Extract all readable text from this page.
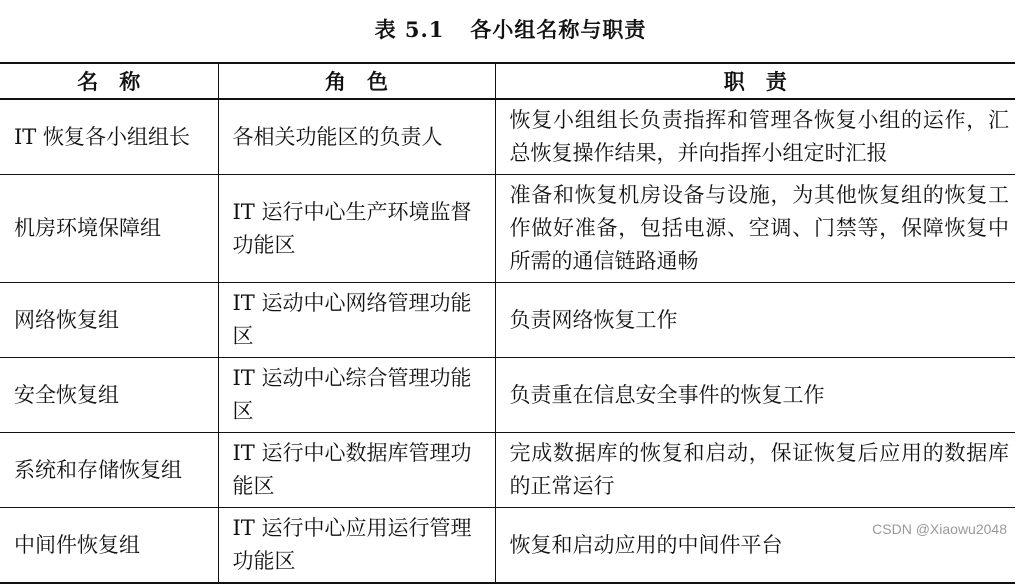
表 5.1 各小组名称与职责
名　称	角　色	职　责
IT 恢复各小组组长	各相关功能区的负责人	恢复小组组长负责指挥和管理各恢复小组的运作，汇总恢复操作结果，并向指挥小组定时汇报
机房环境保障组	IT 运行中心生产环境监督功能区	准备和恢复机房设备与设施，为其他恢复组的恢复工作做好准备，包括电源、空调、门禁等，保障恢复中所需的通信链路通畅
网络恢复组	IT 运动中心网络管理功能区	负责网络恢复工作
安全恢复组	IT 运动中心综合管理功能区	负责重在信息安全事件的恢复工作
系统和存储恢复组	IT 运行中心数据库管理功能区	完成数据库的恢复和启动，保证恢复后应用的数据库的正常运行
中间件恢复组	IT 运行中心应用运行管理功能区	恢复和启动应用的中间件平台
CSDN @Xiaowu2048
